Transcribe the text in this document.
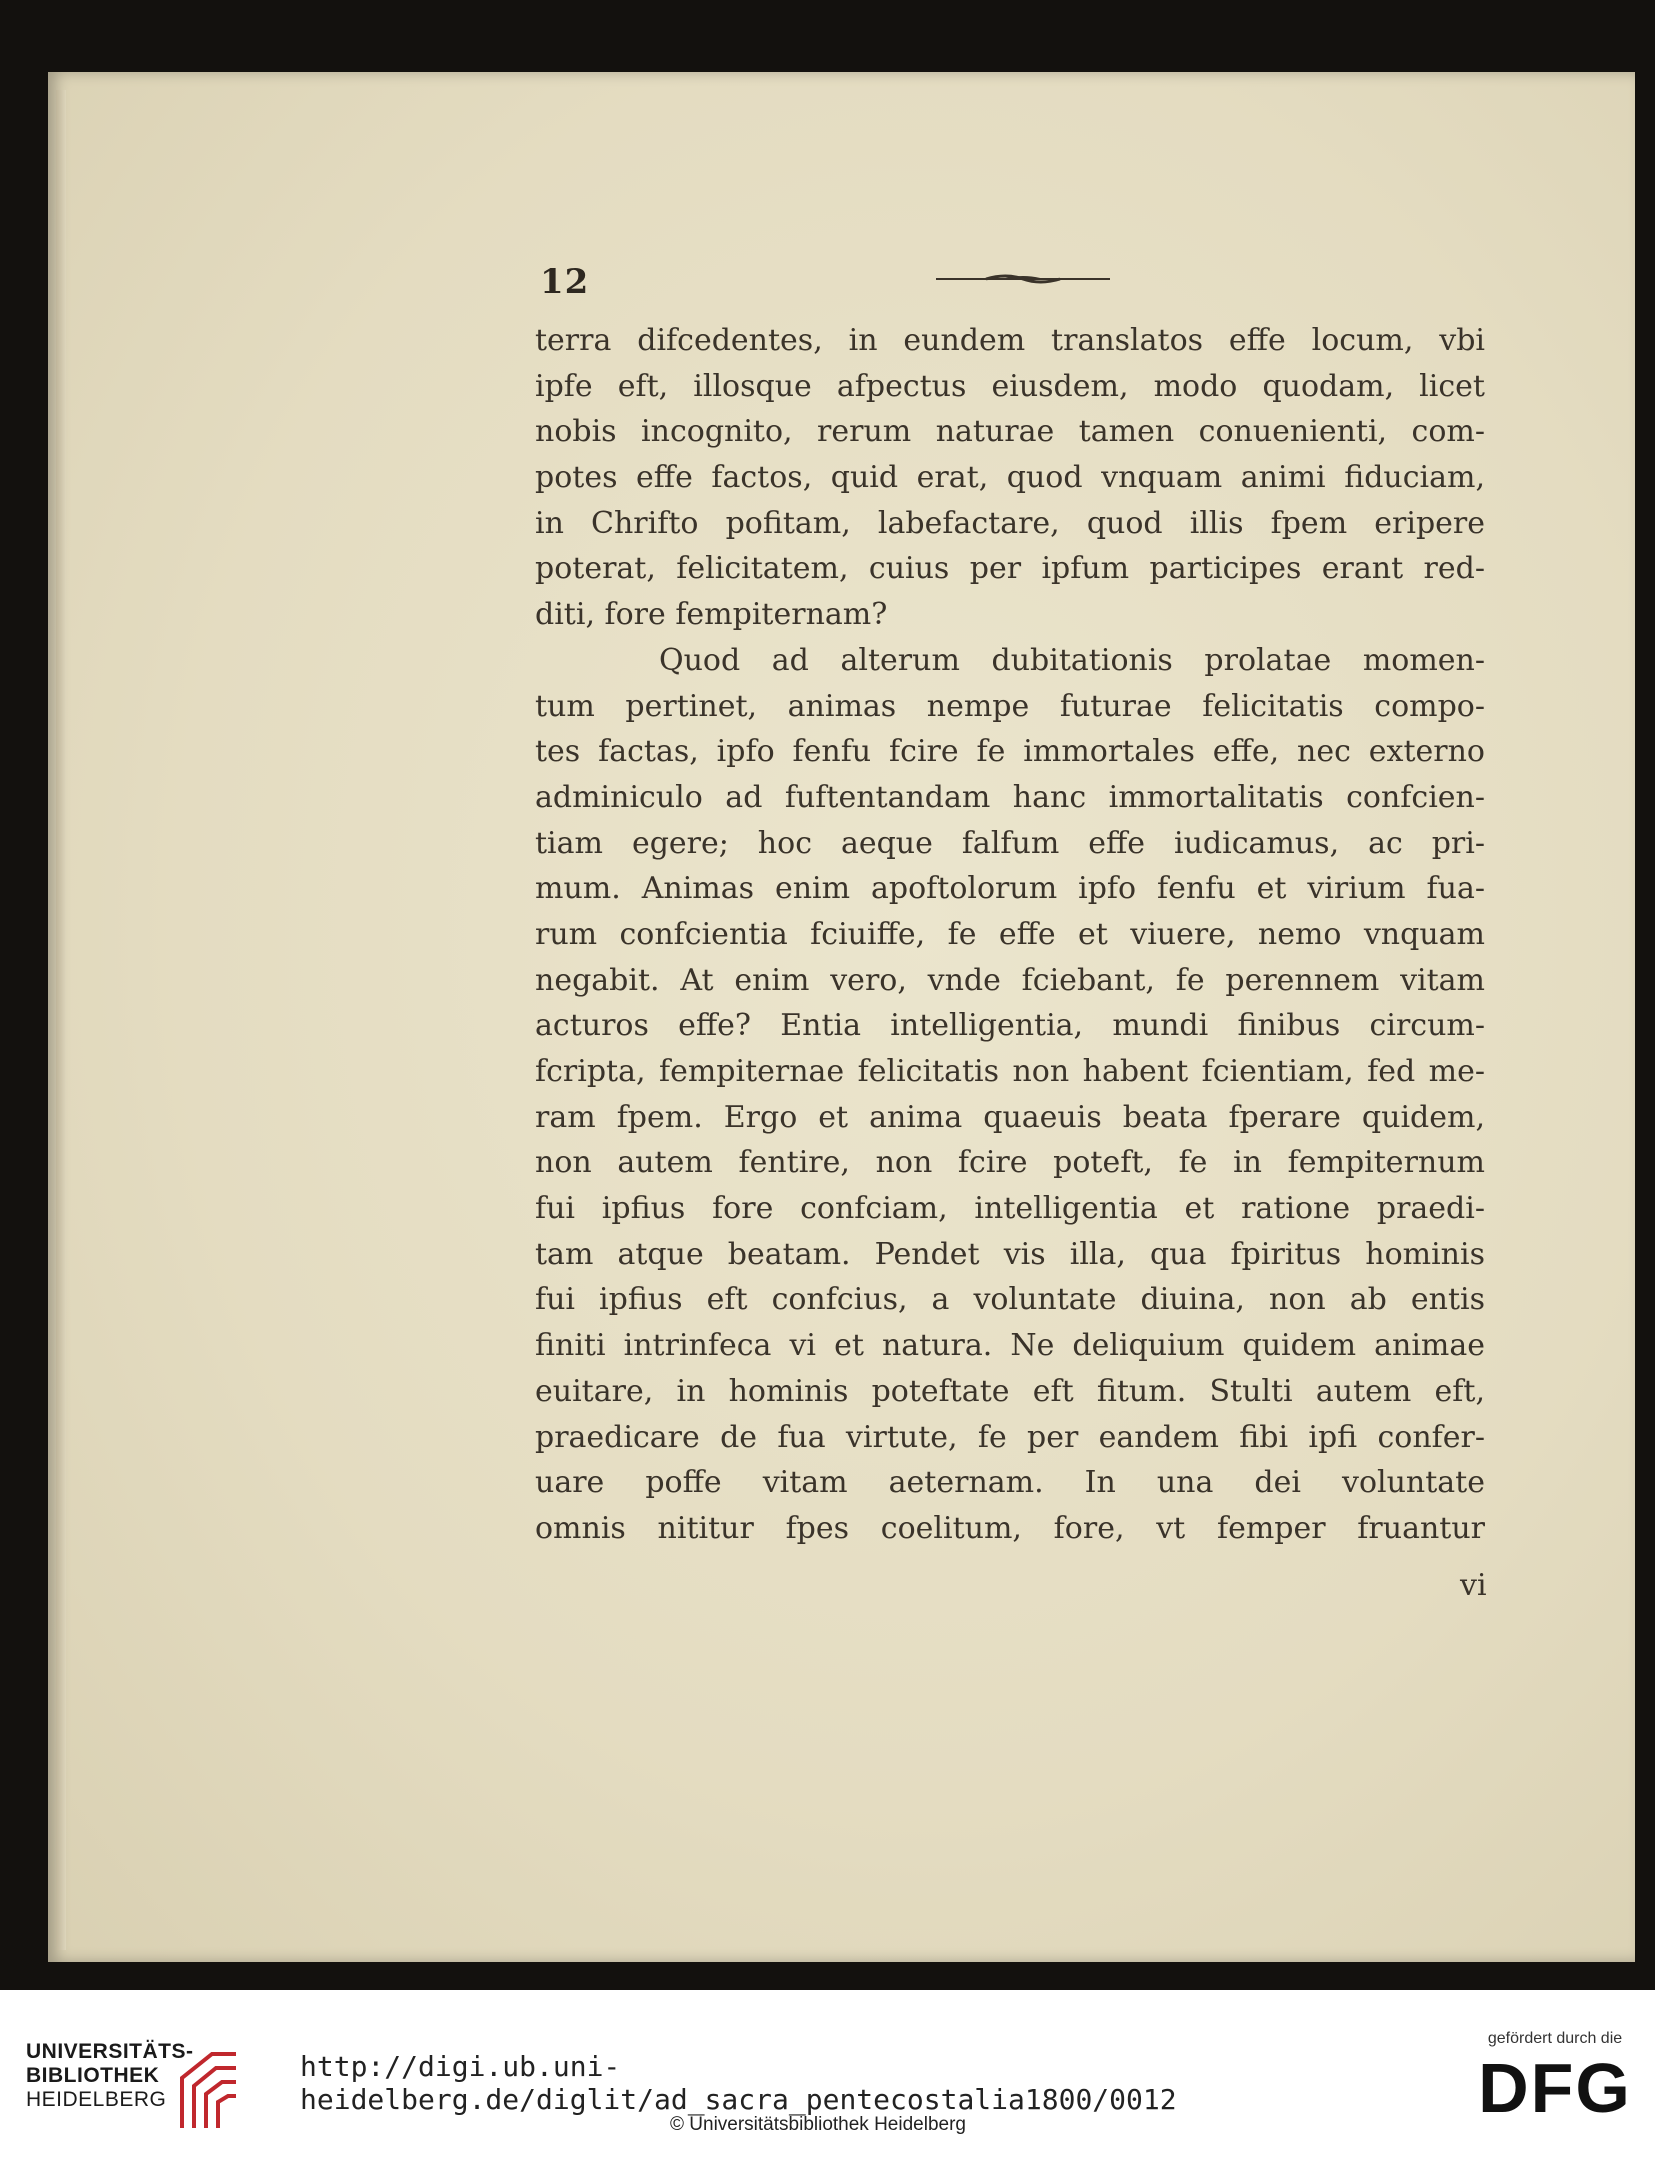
12
terra difcedentes, in eundem translatos effe locum, vbi
ipfe eft, illosque afpectus eiusdem, modo quodam, licet
nobis incognito, rerum naturae tamen conuenienti, com-
potes effe factos, quid erat, quod vnquam animi fiduciam,
in Chrifto pofitam, labefactare, quod illis fpem eripere
poterat, felicitatem, cuius per ipfum participes erant red-
diti, fore fempiternam?
Quod ad alterum dubitationis prolatae momen-
tum pertinet, animas nempe futurae felicitatis compo-
tes factas, ipfo fenfu fcire fe immortales effe, nec externo
adminiculo ad fuftentandam hanc immortalitatis confcien-
tiam egere; hoc aeque falfum effe iudicamus, ac pri-
mum. Animas enim apoftolorum ipfo fenfu et virium fua-
rum confcientia fciuiffe, fe effe et viuere, nemo vnquam
negabit. At enim vero, vnde fciebant, fe perennem vitam
acturos effe? Entia intelligentia, mundi finibus circum-
fcripta, fempiternae felicitatis non habent fcientiam, fed me-
ram fpem. Ergo et anima quaeuis beata fperare quidem,
non autem fentire, non fcire poteft, fe in fempiternum
fui ipfius fore confciam, intelligentia et ratione praedi-
tam atque beatam. Pendet vis illa, qua fpiritus hominis
fui ipfius eft confcius, a voluntate diuina, non ab entis
finiti intrinfeca vi et natura. Ne deliquium quidem animae
euitare, in hominis poteftate eft fitum. Stulti autem eft,
praedicare de fua virtute, fe per eandem fibi ipfi confer-
uare poffe vitam aeternam. In una dei voluntate
omnis nititur fpes coelitum, fore, vt femper fruantur
vi
UNIVERSITÄTS-
BIBLIOTHEK
HEIDELBERG
http://digi.ub.uni-heidelberg.de/diglit/ad_sacra_pentecostalia1800/0012
© Universitätsbibliothek Heidelberg
gefördert durch die
DFG
